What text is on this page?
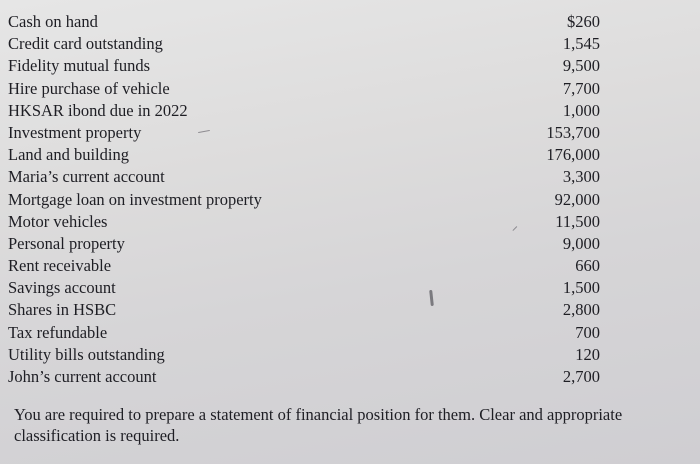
Cash on hand	$260
Credit card outstanding	1,545
Fidelity mutual funds	9,500
Hire purchase of vehicle	7,700
HKSAR ibond due in 2022	1,000
Investment property	153,700
Land and building	176,000
Maria’s current account	3,300
Mortgage loan on investment property	92,000
Motor vehicles	11,500
Personal property	9,000
Rent receivable	660
Savings account	1,500
Shares in HSBC	2,800
Tax refundable	700
Utility bills outstanding	120
John’s current account	2,700

You are required to prepare a statement of financial position for them. Clear and appropriate
classification is required.
